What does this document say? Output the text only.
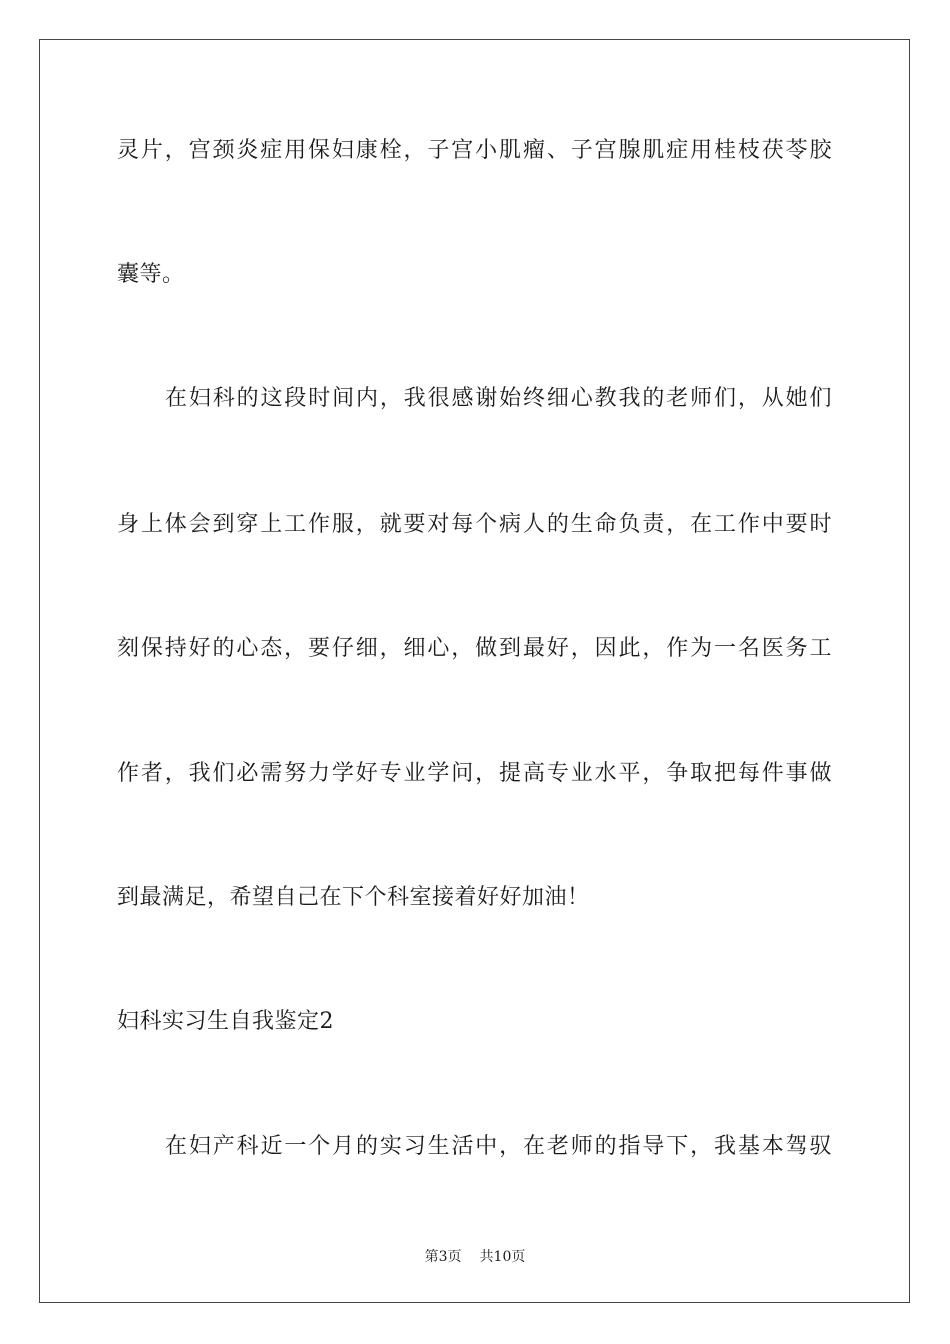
灵片，宫颈炎症用保妇康栓，子宫小肌瘤、子宫腺肌症用桂枝茯苓胶
囊等。
在妇科的这段时间内，我很感谢始终细心教我的老师们，从她们
身上体会到穿上工作服，就要对每个病人的生命负责，在工作中要时
刻保持好的心态，要仔细，细心，做到最好，因此，作为一名医务工
作者，我们必需努力学好专业学问，提高专业水平，争取把每件事做
到最满足，希望自己在下个科室接着好好加油！
妇科实习生自我鉴定2
在妇产科近一个月的实习生活中，在老师的指导下，我基本驾驭
第3页 共10页
